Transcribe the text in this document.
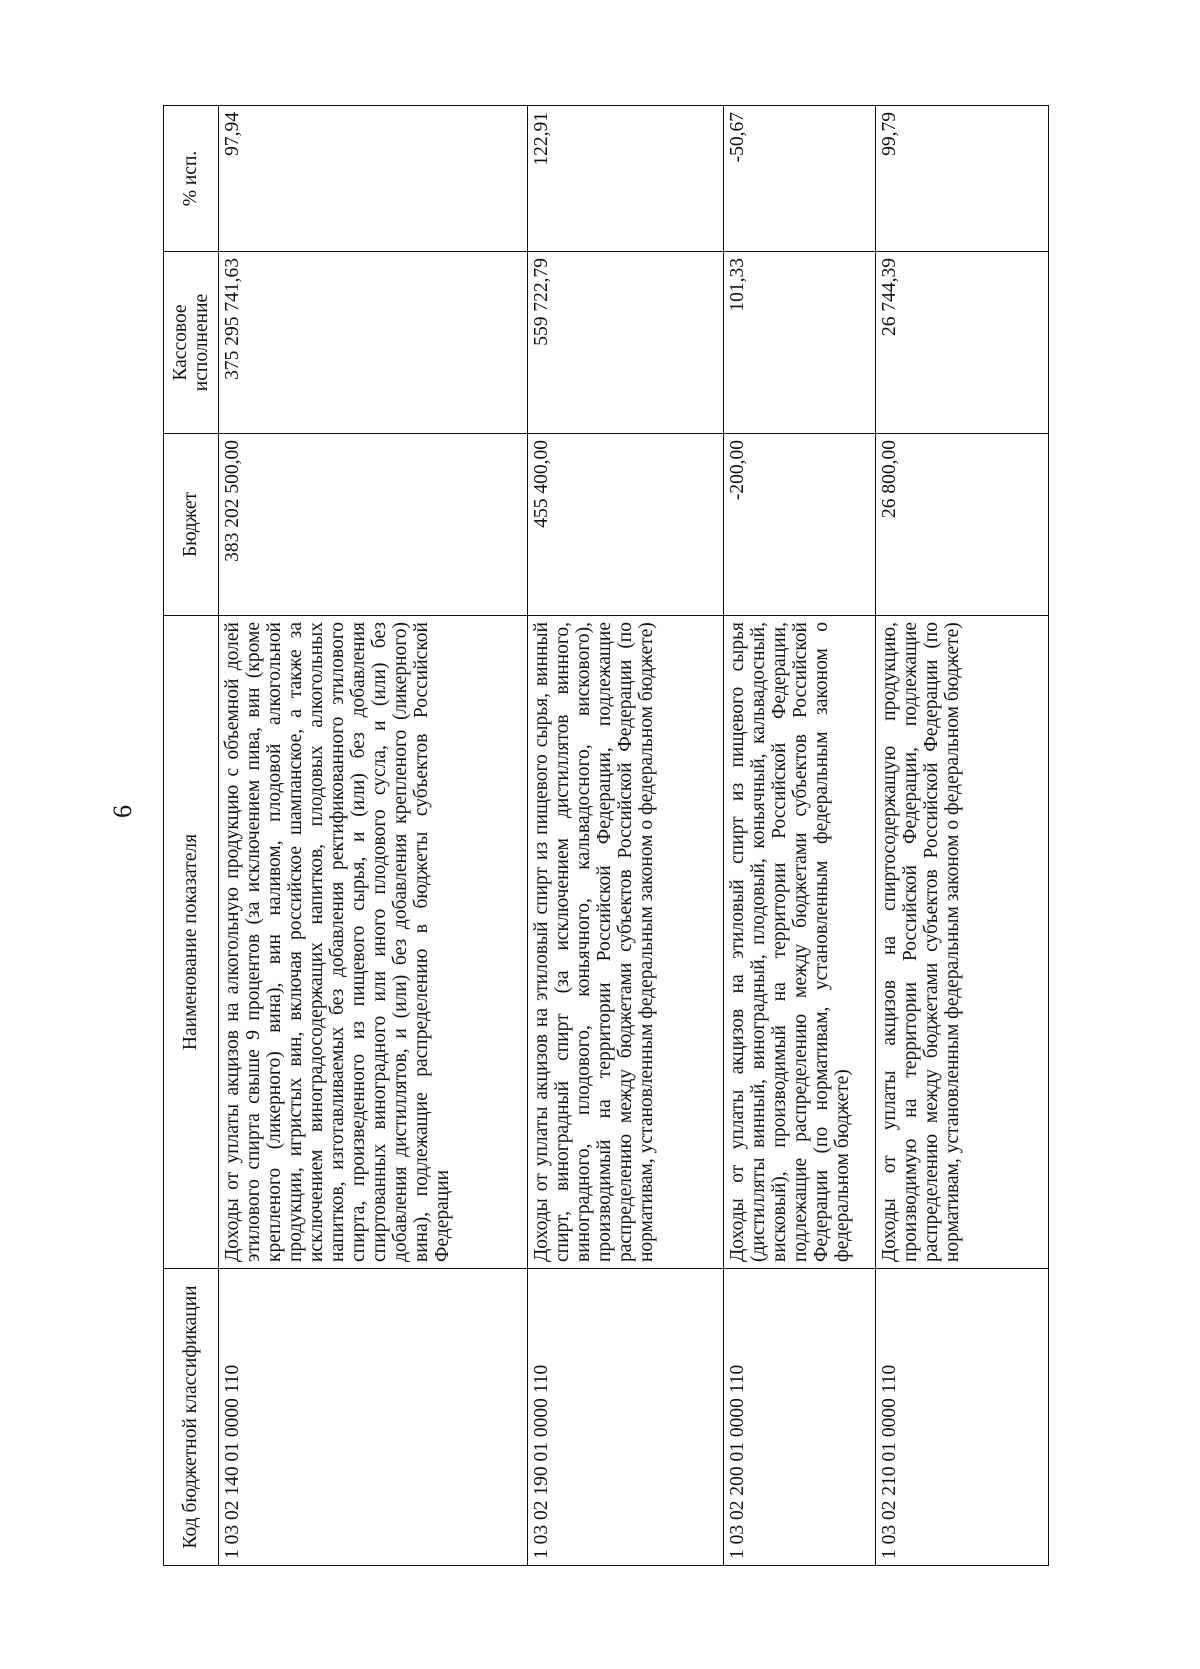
6
Код бюджетной классификации	Наименование показателя	Бюджет	Кассовое исполнение	% исп.
1 03 02 140 01 0000 110	Доходы от уплаты акцизов на алкогольную продукцию с объемной долей этилового спирта свыше 9 процентов (за исключением пива, вин (кроме крепленого (ликерного) вина), вин наливом, плодовой алкогольной продукции, игристых вин, включая российское шампанское, а также за исключением виноградосодержащих напитков, плодовых алкогольных напитков, изготавливаемых без добавления ректификованного этилового спирта, произведенного из пищевого сырья, и (или) без добавления спиртованных виноградного или иного плодового сусла, и (или) без добавления дистиллятов, и (или) без добавления крепленого (ликерного) вина), подлежащие распределению в бюджеты субъектов Российской Федерации	383 202 500,00	375 295 741,63	97,94
1 03 02 190 01 0000 110	Доходы от уплаты акцизов на этиловый спирт из пищевого сырья, винный спирт, виноградный спирт (за исключением дистиллятов винного, виноградного, плодового, коньячного, кальвадосного, вискового), производимый на территории Российской Федерации, подлежащие распределению между бюджетами субъектов Российской Федерации (по нормативам, установленным федеральным законом о федеральном бюджете)	455 400,00	559 722,79	122,91
1 03 02 200 01 0000 110	Доходы от уплаты акцизов на этиловый спирт из пищевого сырья (дистилляты винный, виноградный, плодовый, коньячный, кальвадосный, висковый), производимый на территории Российской Федерации, подлежащие распределению между бюджетами субъектов Российской Федерации (по нормативам, установленным федеральным законом о федеральном бюджете)	-200,00	101,33	-50,67
1 03 02 210 01 0000 110	Доходы от уплаты акцизов на спиртосодержащую продукцию, производимую на территории Российской Федерации, подлежащие распределению между бюджетами субъектов Российской Федерации (по нормативам, установленным федеральным законом о федеральном бюджете)	26 800,00	26 744,39	99,79
